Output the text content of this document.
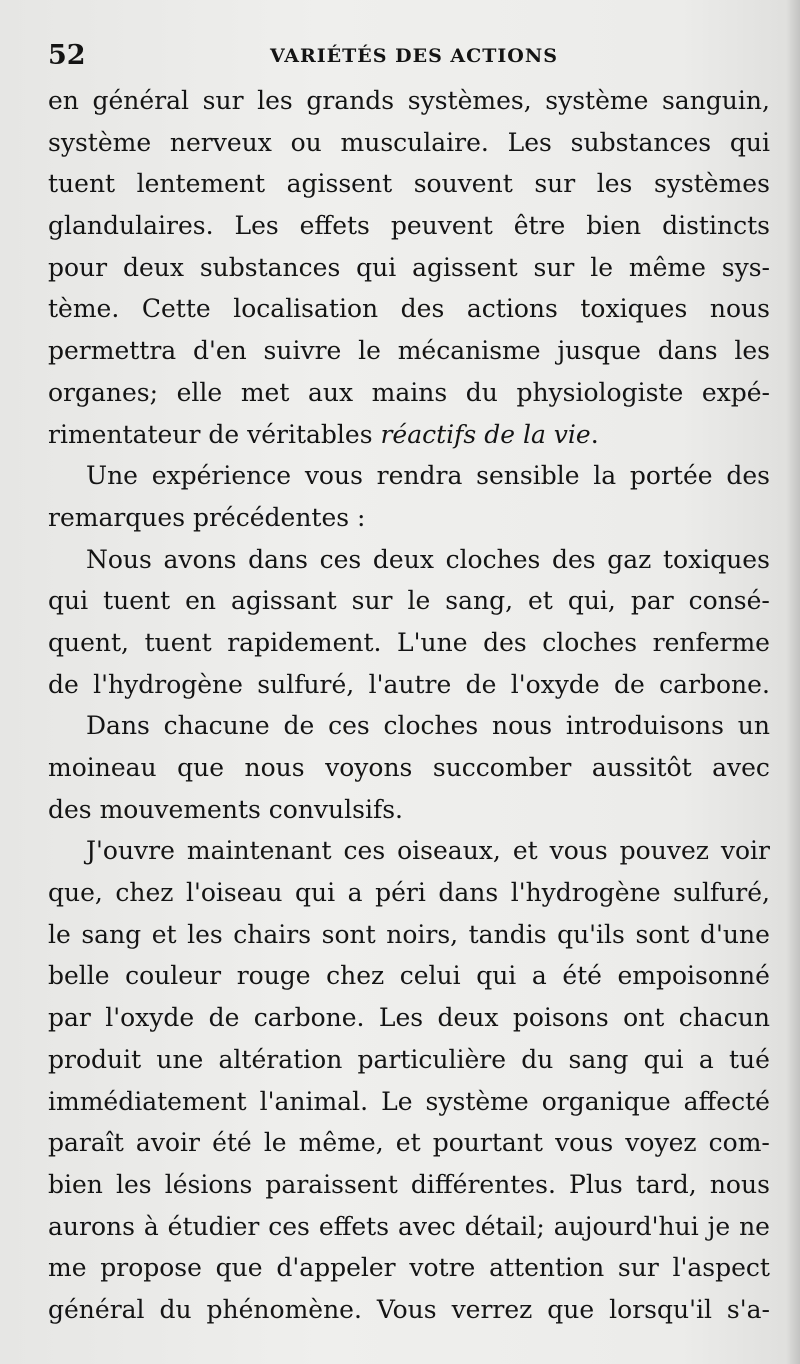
52	VARIÉTÉS DES ACTIONS
en général sur les grands systèmes, système sanguin,
système nerveux ou musculaire. Les substances qui
tuent lentement agissent souvent sur les systèmes
glandulaires. Les effets peuvent être bien distincts
pour deux substances qui agissent sur le même sys-
tème. Cette localisation des actions toxiques nous
permettra d'en suivre le mécanisme jusque dans les
organes; elle met aux mains du physiologiste expé-
rimentateur de véritables réactifs de la vie .
Une expérience vous rendra sensible la portée des
remarques précédentes :
Nous avons dans ces deux cloches des gaz toxiques
qui tuent en agissant sur le sang, et qui, par consé-
quent, tuent rapidement. L'une des cloches renferme
de l'hydrogène sulfuré, l'autre de l'oxyde de carbone.
Dans chacune de ces cloches nous introduisons un
moineau que nous voyons succomber aussitôt avec
des mouvements convulsifs.
J'ouvre maintenant ces oiseaux, et vous pouvez voir
que, chez l'oiseau qui a péri dans l'hydrogène sulfuré,
le sang et les chairs sont noirs, tandis qu'ils sont d'une
belle couleur rouge chez celui qui a été empoisonné
par l'oxyde de carbone. Les deux poisons ont chacun
produit une altération particulière du sang qui a tué
immédiatement l'animal. Le système organique affecté
paraît avoir été le même, et pourtant vous voyez com-
bien les lésions paraissent différentes. Plus tard, nous
aurons à étudier ces effets avec détail; aujourd'hui je ne
me propose que d'appeler votre attention sur l'aspect
général du phénomène. Vous verrez que lorsqu'il s'a-
